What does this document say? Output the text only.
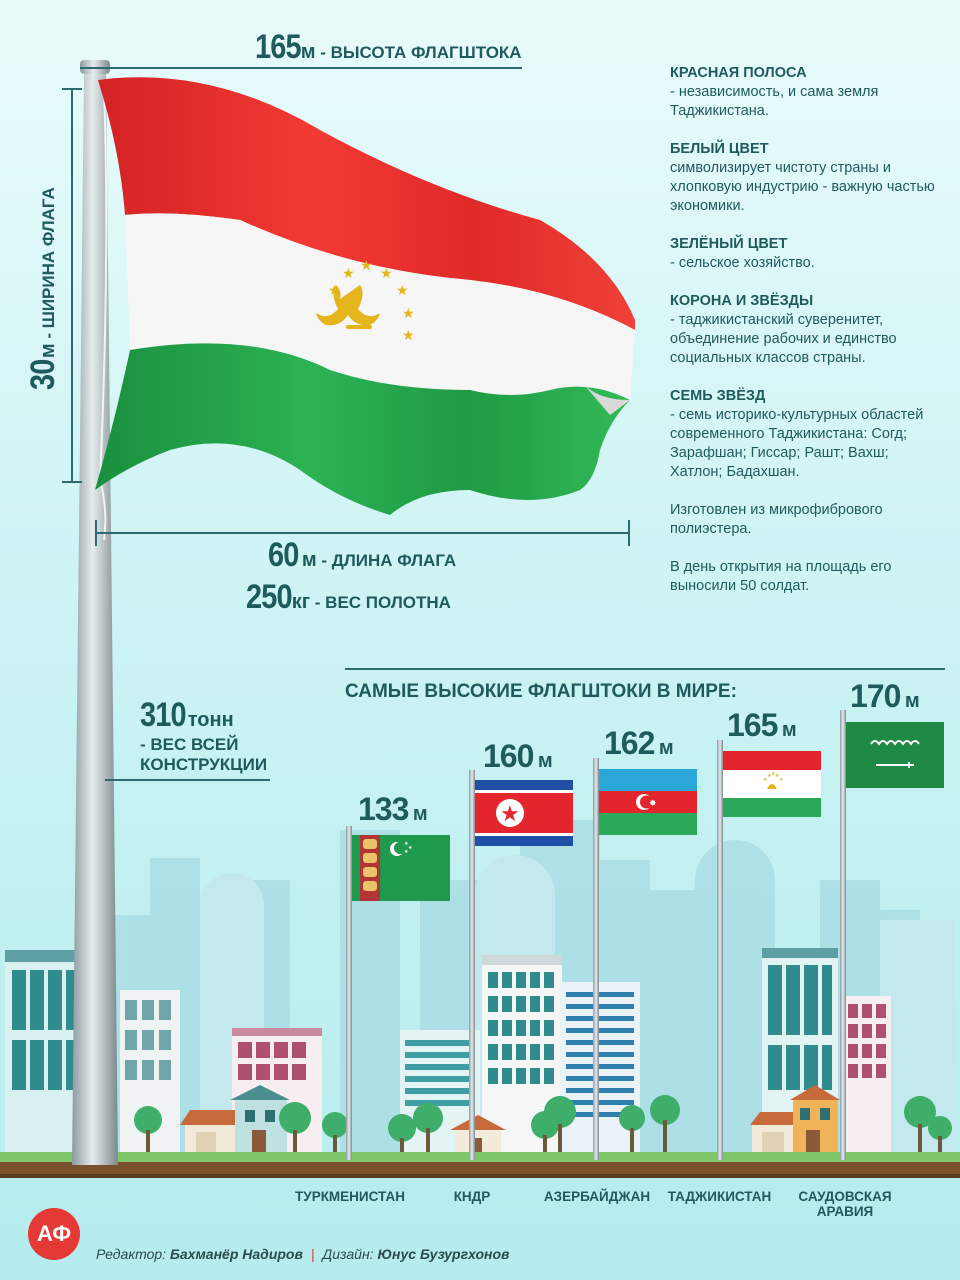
★
★ ★ ★
★
★
★
165м - ВЫСОТА ФЛАГШТОКА
30м - ШИРИНА ФЛАГА
60 м - ДЛИНА ФЛАГА
250кг - ВЕС ПОЛОТНА
310 тонн
- ВЕС ВСЕЙ
КОНСТРУКЦИИ
КРАСНАЯ ПОЛОСА
- независимость, и сама земля Таджикистана.
БЕЛЫЙ ЦВЕТ
символизирует чистоту страны и хлопковую индустрию - важную частью экономики.
ЗЕЛЁНЫЙ ЦВЕТ
- сельское хозяйство.
КОРОНА И ЗВЁЗДЫ
- таджикистанский суверенитет, объединение рабочих и единство социальных классов страны.
СЕМЬ ЗВЁЗД
- семь историко-культурных областей современного Таджикистана: Согд; Зарафшан; Гиссар; Рашт; Вахш; Хатлон; Бадахшан.
Изготовлен из микрофибрового полиэстера.
В день открытия на площадь его выносили 50 солдат.
САМЫЕ ВЫСОКИЕ ФЛАГШТОКИ В МИРЕ:
★
★
★
★	✸
★
★ ★ ★
★
133 м
160 м 162 м
165 м
170 м
ТУРКМЕНИСТАН	КНДР	АЗЕРБАЙДЖАН	ТАДЖИКИСТАН	САУДОВСКАЯ
АРАВИЯ
АФ
Редактор: Бахманёр Надиров | Дизайн: Юнус Бузургхонов
